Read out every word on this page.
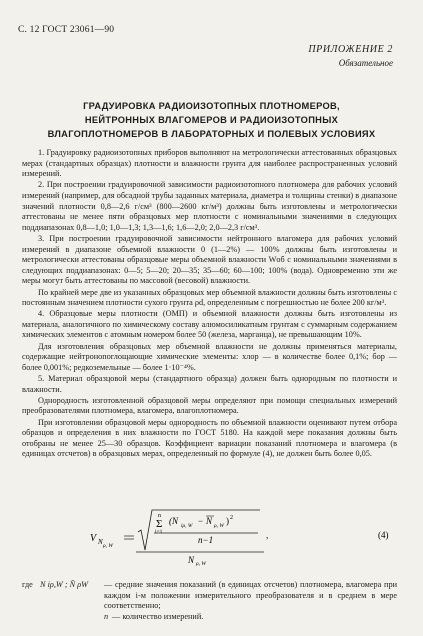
С. 12 ГОСТ 23061—90
ПРИЛОЖЕНИЕ 2
Обязательное
ГРАДУИРОВКА РАДИОИЗОТОПНЫХ ПЛОТНОМЕРОВ,
НЕЙТРОННЫХ ВЛАГОМЕРОВ И РАДИОИЗОТОПНЫХ
ВЛАГОПЛОТНОМЕРОВ В ЛАБОРАТОРНЫХ И ПОЛЕВЫХ УСЛОВИЯХ

1. Градуировку радиоизотопных приборов выполняют на метрологически аттестованных образцовых мерах (стандартных образцах) плотности и влажности грунта для наиболее распространенных условий измерений.

2. При построении градуировочной зависимости радиоизотопного плотномера для рабочих условий измерений (например, для обсадной трубы заданных материала, диаметра и толщины стенки) в диапазоне значений плотности 0,8—2,6 г/см³ (800—2600 кг/м³) должны быть изготовлены и метрологически аттестованы не менее пяти образцовых мер плотности с номинальными значениями в следующих поддиапазонах 0,8—1,0; 1,0—1,3; 1,3—1,6; 1,6—2,0; 2,0—2,3 г/см³.

3. При построении градуировочной зависимости нейтронного влагомера для рабочих условий измерений в диапазоне объемной влажности 0 (1—2%) — 100% должны быть изготовлены и метрологически аттестованы образцовые меры объемной влажности Wоб с номинальными значениями в следующих поддиапазонах: 0—5; 5—20; 20—35; 35—60; 60—100; 100% (вода). Одновременно эти же меры могут быть аттестованы по массовой (весовой) влажности.

По крайней мере две из указанных образцовых мер объемной влажности должны быть изготовлены с постоянным значением плотности сухого грунта ρd, определенным с погрешностью не более 200 кг/м³.

4. Образцовые меры плотности (ОМП) и объемной влажности должны быть изготовлены из материала, аналогичного по химическому составу алюмосиликатным грунтам с суммарным содержанием химических элементов с атомным номером более 50 (железа, марганца), не превышающим 10%.

Для изготовления образцовых мер объемной влажности не должны применяться материалы, содержащие нейтронопоглощающие химические элементы: хлор — в количестве более 0,1%; бор — более 0,001%; редкоземельные — более 1·10⁻⁴%.

5. Материал образцовой меры (стандартного образца) должен быть однородным по плотности и влажности.

Однородность изготовленной образцовой меры определяют при помощи специальных измерений преобразователями плотномера, влагомера, влагоплотномера.

При изготовлении образцовой меры однородность по объемной влажности оценивают путем отбора образцов и определения в них влажности по ГОСТ 5180. На каждой мере показания должны быть отобраны не менее 25—30 образцов. Коэффициент вариации показаний плотномера и влагомера (в единицах отсчетов) в образцовых мерах, определенный по формуле (4), не должен быть более 0,05.

V N ρ, W
n
Σ
i=1
(N iρ, W − N ρ, W ) 2
n−1
N ρ, W
,	(4)
где N iρ,W ; N̄ ρW	— средние значения показаний (в единицах отсчетов) плотномера, влагомера при каждом i-м положении измерительного преобразователя и в среднем в мере соответственно;
n — количество измерений.
